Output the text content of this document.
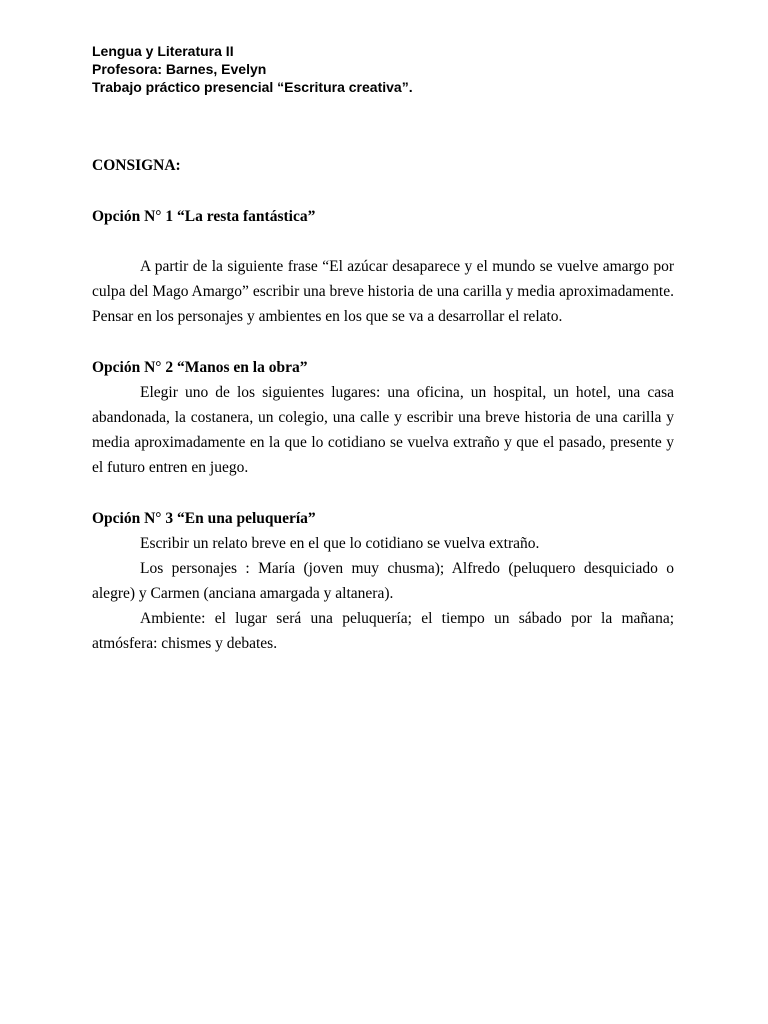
Lengua y Literatura II
Profesora: Barnes, Evelyn
Trabajo práctico presencial “Escritura creativa”.
CONSIGNA:
Opción N° 1 “La resta fantástica”
A partir de la siguiente frase “El azúcar desaparece y el mundo se vuelve amargo por culpa del Mago Amargo” escribir una breve historia de una carilla y media aproximadamente. Pensar en los personajes y ambientes en los que se va a desarrollar el relato.
Opción N° 2 “Manos en la obra”
Elegir uno de los siguientes lugares: una oficina, un hospital, un hotel, una casa abandonada, la costanera, un colegio, una calle y escribir una breve historia de una carilla y media aproximadamente en la que lo cotidiano se vuelva extraño y que el pasado, presente y el futuro entren en juego.
Opción N° 3 “En una peluquería”
Escribir un relato breve en el que lo cotidiano se vuelva extraño.
Los personajes : María (joven muy chusma); Alfredo (peluquero desquiciado o alegre) y Carmen (anciana amargada y altanera).
Ambiente: el lugar será una peluquería; el tiempo un sábado por la mañana; atmósfera: chismes y debates.
